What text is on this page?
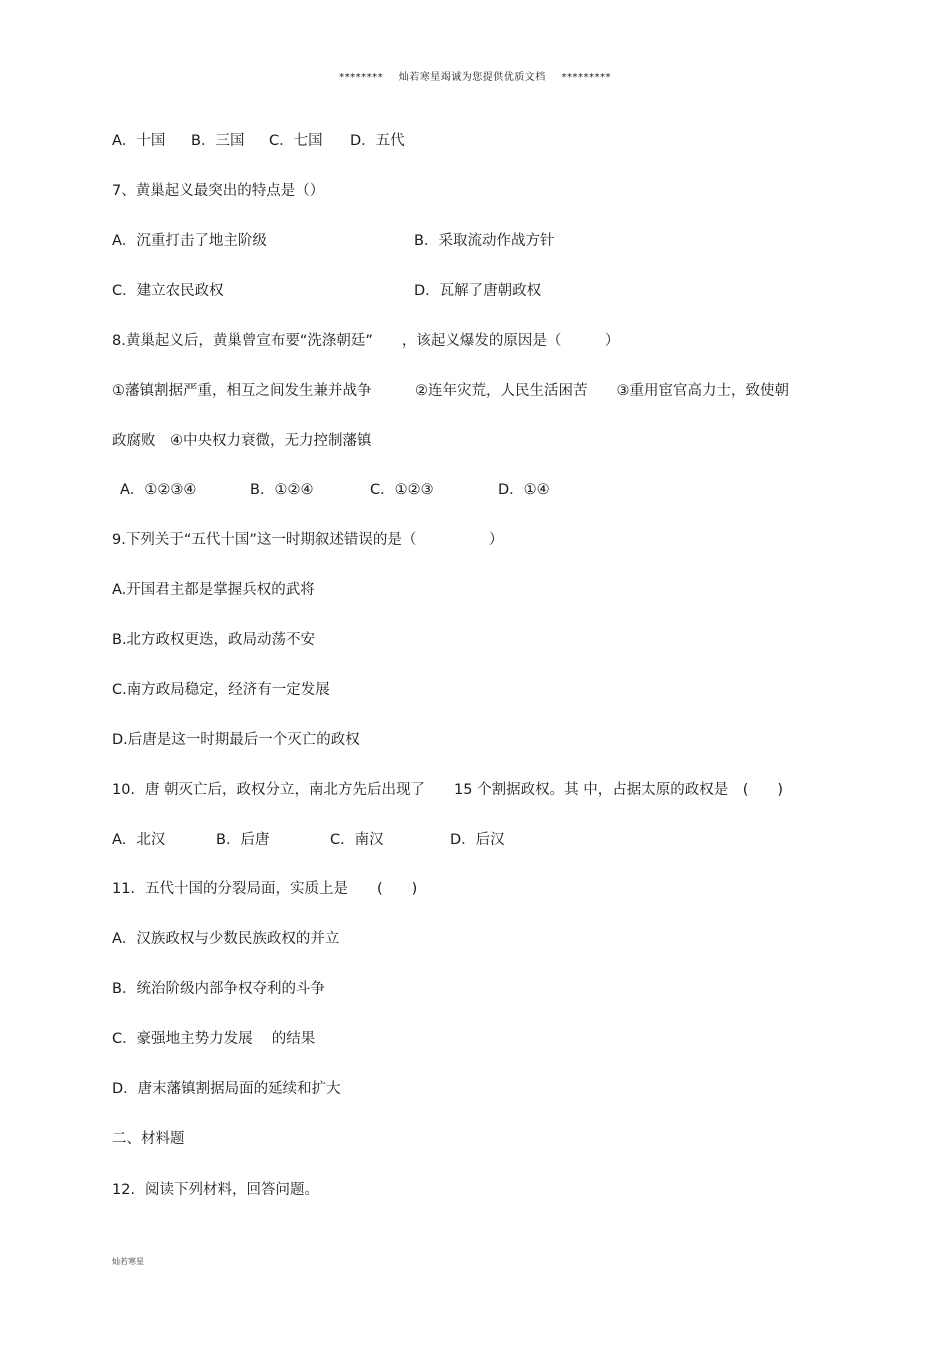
******** 灿若寒星竭诚为您提供优质文档 *********
A．十国 B．三国 C．七国 D．五代
7、黄巢起义最突出的特点是（）
A．沉重打击了地主阶级	B．采取流动作战方针
C．建立农民政权	D．瓦解了唐朝政权
8.黄巢起义后，黄巢曾宣布要“洗涤朝廷”　　，该起义爆发的原因是（　　　）
①藩镇割据严重，相互之间发生兼并战争　　　②连年灾荒，人民生活困苦　　③重用宦官高力士，致使朝
政腐败　④中央权力衰微，无力控制藩镇
A．①②③④	B．①②④	C．①②③	D．①④
9.下列关于“五代十国”这一时期叙述错误的是（　　　　　）
A.开国君主都是掌握兵权的武将
B.北方政权更迭，政局动荡不安
C.南方政局稳定，经济有一定发展
D.后唐是这一时期最后一个灭亡的政权
10．唐 朝灭亡后，政权分立，南北方先后出现了　　15 个割据政权。其 中，占据太原的政权是　(　　)
A．北汉	B．后唐	C．南汉	D．后汉
11．五代十国的分裂局面，实质上是　　(　　)
A．汉族政权与少数民族政权的并立
B．统治阶级内部争权夺利的斗争
C．豪强地主势力发展　 的结果
D．唐末藩镇割据局面的延续和扩大
二、材料题
12．阅读下列材料，回答问题。
灿若寒星
